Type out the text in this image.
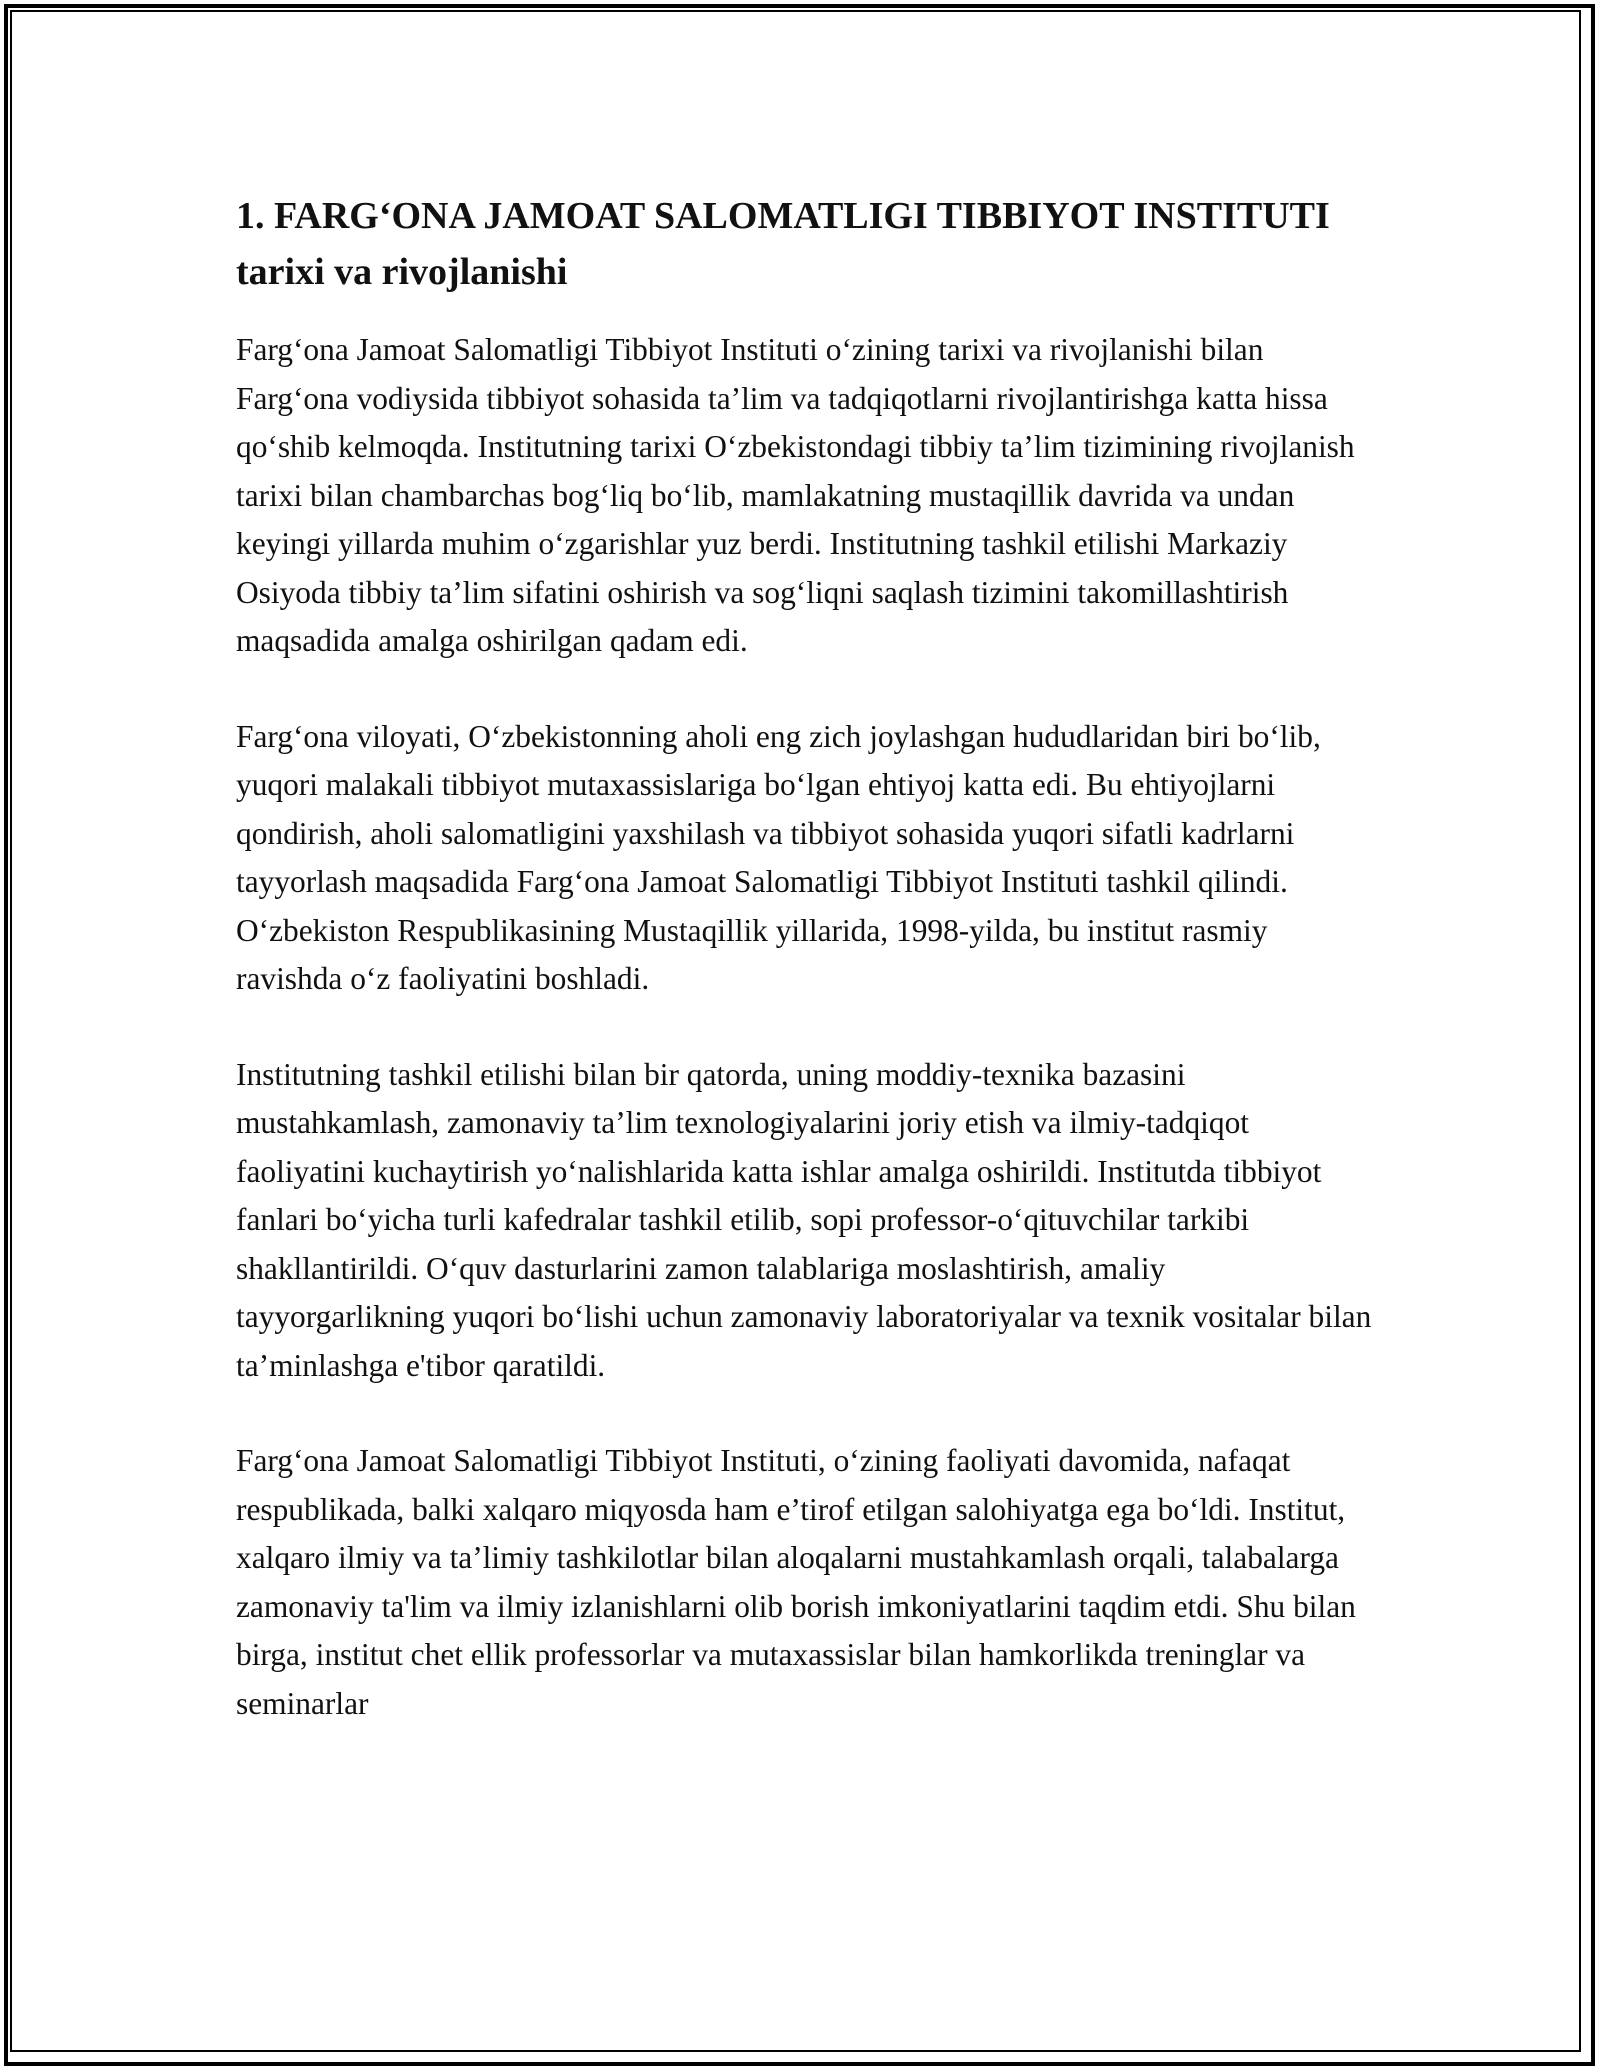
1. FARG‘ONA JAMOAT SALOMATLIGI TIBBIYOT INSTITUTI tarixi va rivojlanishi

Farg‘ona Jamoat Salomatligi Tibbiyot Instituti o‘zining tarixi va rivojlanishi bilan Farg‘ona vodiysida tibbiyot sohasida ta’lim va tadqiqotlarni rivojlantirishga katta hissa qo‘shib kelmoqda. Institutning tarixi O‘zbekistondagi tibbiy ta’lim tizimining rivojlanish tarixi bilan chambarchas bog‘liq bo‘lib, mamlakatning mustaqillik davrida va undan keyingi yillarda muhim o‘zgarishlar yuz berdi. Institutning tashkil etilishi Markaziy Osiyoda tibbiy ta’lim sifatini oshirish va sog‘liqni saqlash tizimini takomillashtirish maqsadida amalga oshirilgan qadam edi.

Farg‘ona viloyati, O‘zbekistonning aholi eng zich joylashgan hududlaridan biri bo‘lib, yuqori malakali tibbiyot mutaxassislariga bo‘lgan ehtiyoj katta edi. Bu ehtiyojlarni qondirish, aholi salomatligini yaxshilash va tibbiyot sohasida yuqori sifatli kadrlarni tayyorlash maqsadida Farg‘ona Jamoat Salomatligi Tibbiyot Instituti tashkil qilindi. O‘zbekiston Respublikasining Mustaqillik yillarida, 1998-yilda, bu institut rasmiy ravishda o‘z faoliyatini boshladi.

Institutning tashkil etilishi bilan bir qatorda, uning moddiy-texnika bazasini mustahkamlash, zamonaviy ta’lim texnologiyalarini joriy etish va ilmiy-tadqiqot faoliyatini kuchaytirish yo‘nalishlarida katta ishlar amalga oshirildi. Institutda tibbiyot fanlari bo‘yicha turli kafedralar tashkil etilib, sopi professor-o‘qituvchilar tarkibi shakllantirildi. O‘quv dasturlarini zamon talablariga moslashtirish, amaliy tayyorgarlikning yuqori bo‘lishi uchun zamonaviy laboratoriyalar va texnik vositalar bilan ta’minlashga e'tibor qaratildi.

Farg‘ona Jamoat Salomatligi Tibbiyot Instituti, o‘zining faoliyati davomida, nafaqat respublikada, balki xalqaro miqyosda ham e’tirof etilgan salohiyatga ega bo‘ldi. Institut, xalqaro ilmiy va ta’limiy tashkilotlar bilan aloqalarni mustahkamlash orqali, talabalarga zamonaviy ta'lim va ilmiy izlanishlarni olib borish imkoniyatlarini taqdim etdi. Shu bilan birga, institut chet ellik professorlar va mutaxassislar bilan hamkorlikda treninglar va seminarlar
